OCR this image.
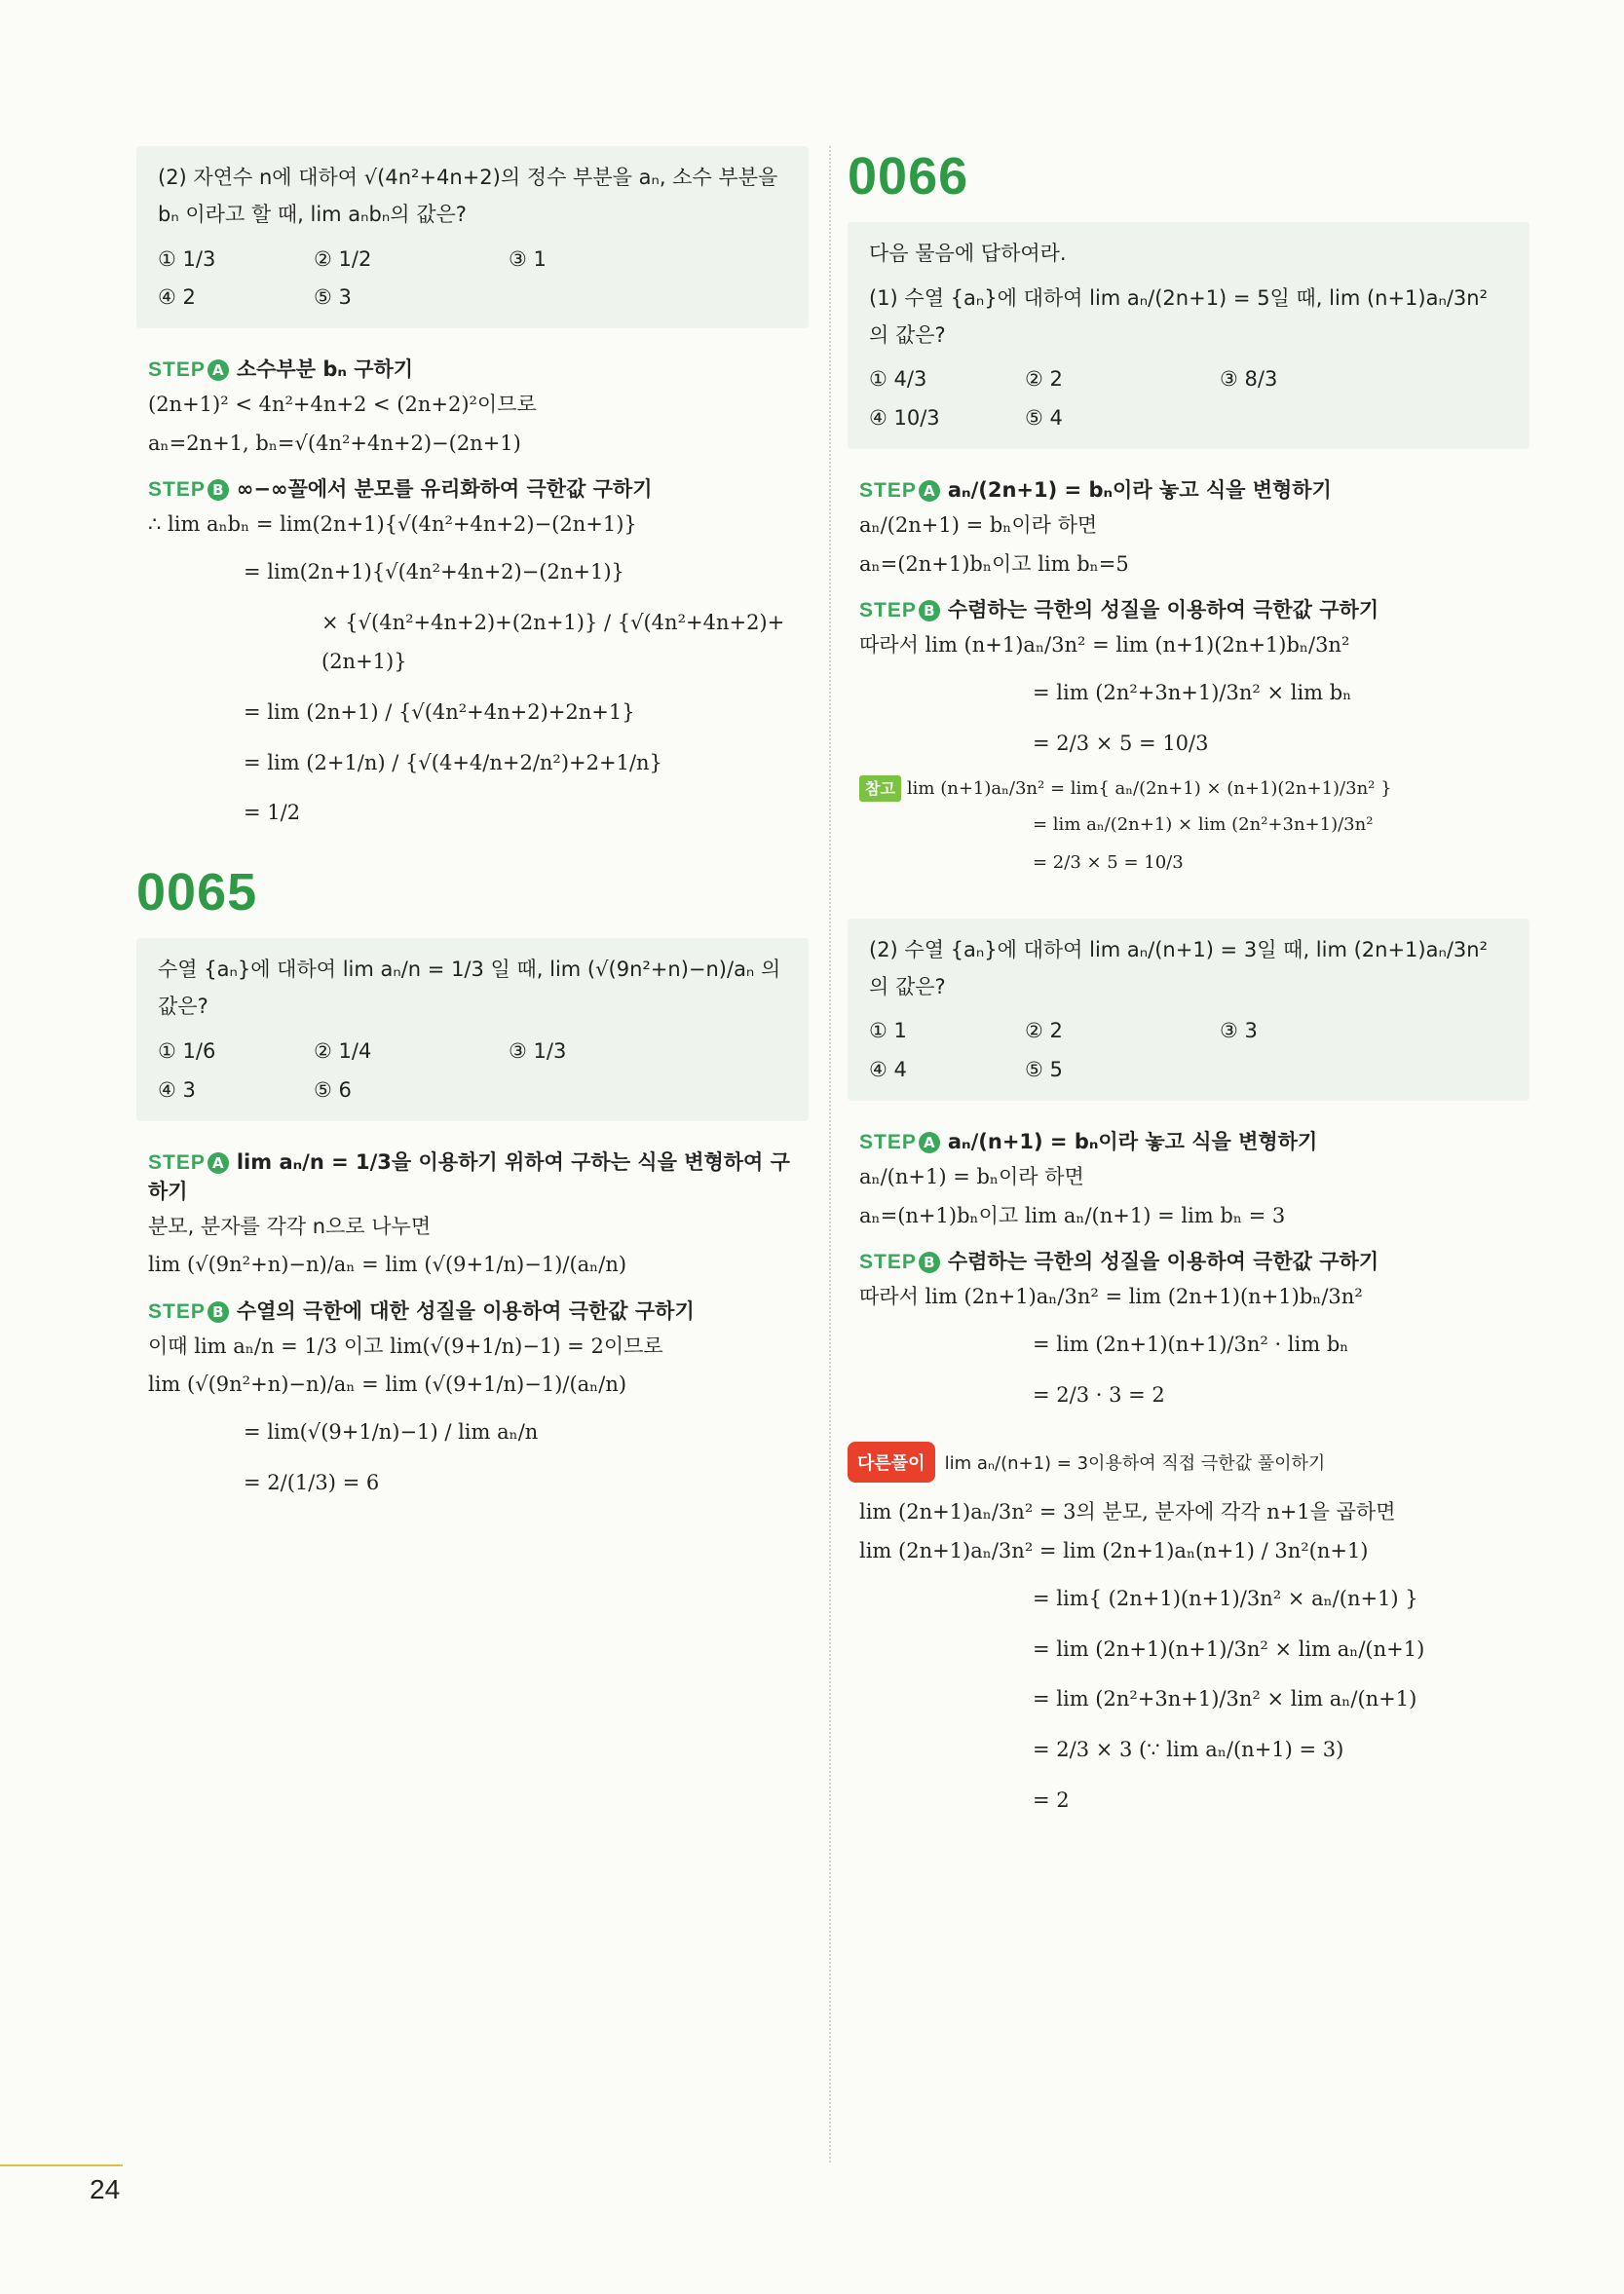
(2) 자연수 n에 대하여 √(4n²+4n+2)의 정수 부분을 aₙ, 소수 부분을 bₙ 이라고 할 때, lim aₙbₙ의 값은?
① 1/3	② 1/2	③ 1
④ 2	⑤ 3
STEP A 소수부분 bₙ 구하기
(2n+1)² < 4n²+4n+2 < (2n+2)²이므로
aₙ=2n+1, bₙ=√(4n²+4n+2)−(2n+1)
STEP B ∞−∞꼴에서 분모를 유리화하여 극한값 구하기
∴ lim aₙbₙ = lim(2n+1){√(4n²+4n+2)−(2n+1)}
= lim(2n+1){√(4n²+4n+2)−(2n+1)}
× {√(4n²+4n+2)+(2n+1)} / {√(4n²+4n+2)+(2n+1)}
= lim (2n+1) / {√(4n²+4n+2)+2n+1}
= lim (2+1/n) / {√(4+4/n+2/n²)+2+1/n}
= 1/2
0065
수열 {aₙ}에 대하여 lim aₙ/n = 1/3 일 때, lim (√(9n²+n)−n)/aₙ 의 값은?
① 1/6	② 1/4	③ 1/3
④ 3	⑤ 6
STEP A lim aₙ/n = 1/3을 이용하기 위하여 구하는 식을 변형하여 구하기
분모, 분자를 각각 n으로 나누면
lim (√(9n²+n)−n)/aₙ = lim (√(9+1/n)−1)/(aₙ/n)
STEP B 수열의 극한에 대한 성질을 이용하여 극한값 구하기
이때 lim aₙ/n = 1/3 이고 lim(√(9+1/n)−1) = 2이므로
lim (√(9n²+n)−n)/aₙ = lim (√(9+1/n)−1)/(aₙ/n)
= lim(√(9+1/n)−1) / lim aₙ/n
= 2/(1/3) = 6
0066
다음 물음에 답하여라.
(1) 수열 {aₙ}에 대하여 lim aₙ/(2n+1) = 5일 때, lim (n+1)aₙ/3n² 의 값은?
① 4/3	② 2	③ 8/3
④ 10/3	⑤ 4
STEP A aₙ/(2n+1) = bₙ이라 놓고 식을 변형하기
aₙ/(2n+1) = bₙ이라 하면
aₙ=(2n+1)bₙ이고 lim bₙ=5
STEP B 수렴하는 극한의 성질을 이용하여 극한값 구하기
따라서 lim (n+1)aₙ/3n² = lim (n+1)(2n+1)bₙ/3n²
= lim (2n²+3n+1)/3n² × lim bₙ
= 2/3 × 5 = 10/3
참고 lim (n+1)aₙ/3n² = lim{ aₙ/(2n+1) × (n+1)(2n+1)/3n² }
= lim aₙ/(2n+1) × lim (2n²+3n+1)/3n²
= 2/3 × 5 = 10/3
(2) 수열 {aₙ}에 대하여 lim aₙ/(n+1) = 3일 때, lim (2n+1)aₙ/3n² 의 값은?
① 1	② 2	③ 3
④ 4	⑤ 5
STEP A aₙ/(n+1) = bₙ이라 놓고 식을 변형하기
aₙ/(n+1) = bₙ이라 하면
aₙ=(n+1)bₙ이고 lim aₙ/(n+1) = lim bₙ = 3
STEP B 수렴하는 극한의 성질을 이용하여 극한값 구하기
따라서 lim (2n+1)aₙ/3n² = lim (2n+1)(n+1)bₙ/3n²
= lim (2n+1)(n+1)/3n² · lim bₙ
= 2/3 · 3 = 2
다른풀이	lim aₙ/(n+1) = 3이용하여 직접 극한값 풀이하기
lim (2n+1)aₙ/3n² = 3의 분모, 분자에 각각 n+1을 곱하면
lim (2n+1)aₙ/3n² = lim (2n+1)aₙ(n+1) / 3n²(n+1)
= lim{ (2n+1)(n+1)/3n² × aₙ/(n+1) }
= lim (2n+1)(n+1)/3n² × lim aₙ/(n+1)
= lim (2n²+3n+1)/3n² × lim aₙ/(n+1)
= 2/3 × 3 (∵ lim aₙ/(n+1) = 3)
= 2
24
